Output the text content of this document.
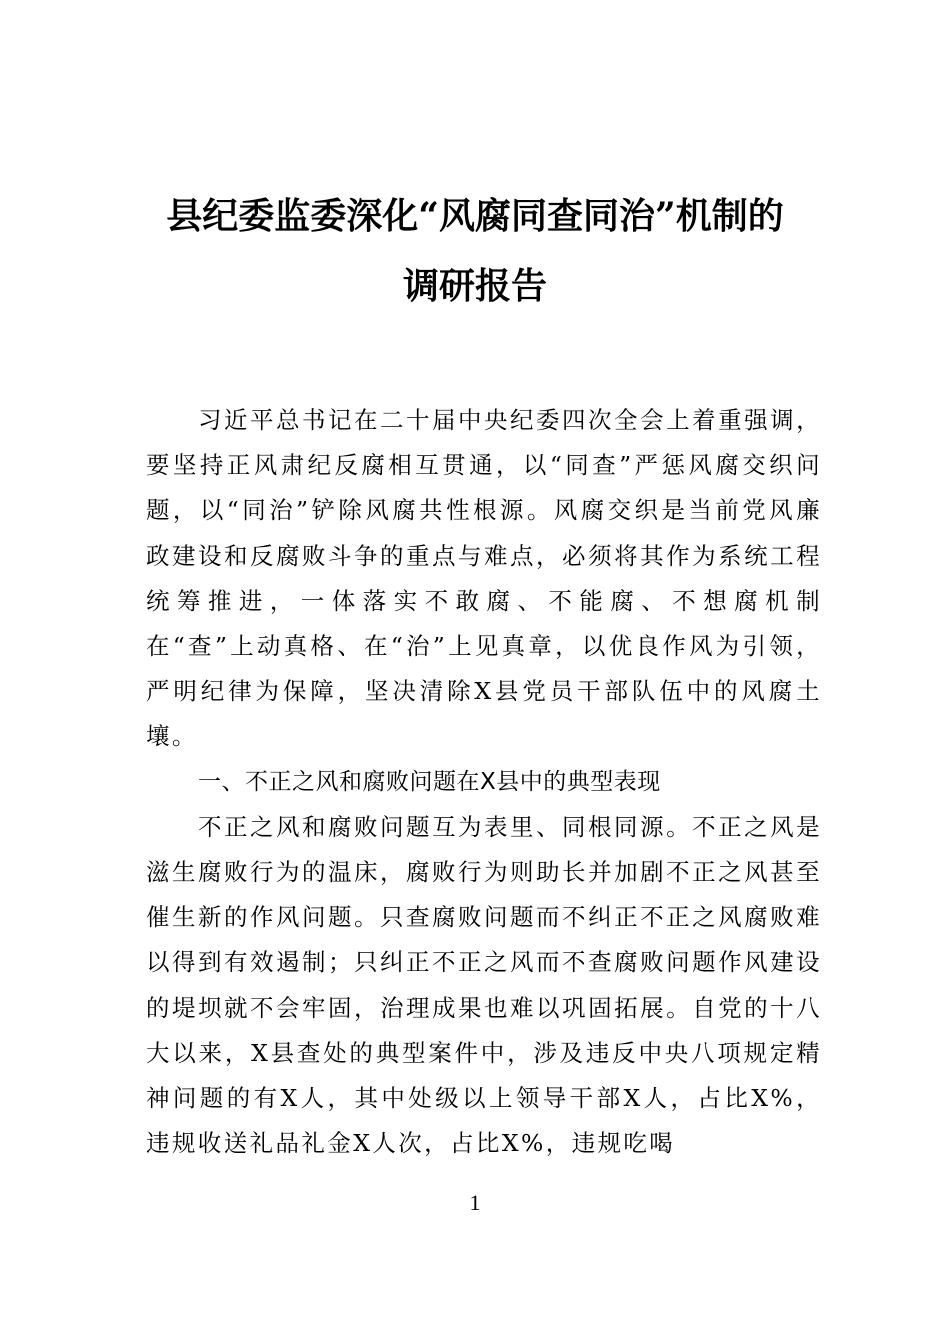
县纪委监委深化“风腐同查同治”机制的
调研报告

习近平总书记在二十届中央纪委四次全会上着重强调，要坚持正风肃纪反腐相互贯通，以“同查”严惩风腐交织问题，以“同治”铲除风腐共性根源。风腐交织是当前党风廉政建设和反腐败斗争的重点与难点，必须将其作为系统工程统筹推进，一体落实不敢腐、不能腐、不想腐机制在“查”上动真格、在“治”上见真章，以优良作风为引领，严明纪律为保障，坚决清除X县党员干部队伍中的风腐土壤。

一、不正之风和腐败问题在X县中的典型表现

不正之风和腐败问题互为表里、同根同源。不正之风是滋生腐败行为的温床，腐败行为则助长并加剧不正之风甚至催生新的作风问题。只查腐败问题而不纠正不正之风腐败难以得到有效遏制；只纠正不正之风而不查腐败问题作风建设的堤坝就不会牢固，治理成果也难以巩固拓展。自党的十八大以来，X县查处的典型案件中，涉及违反中央八项规定精神问题的有X人，其中处级以上领导干部X人，占比X%，违规收送礼品礼金X人次，占比X%，违规吃喝

1
